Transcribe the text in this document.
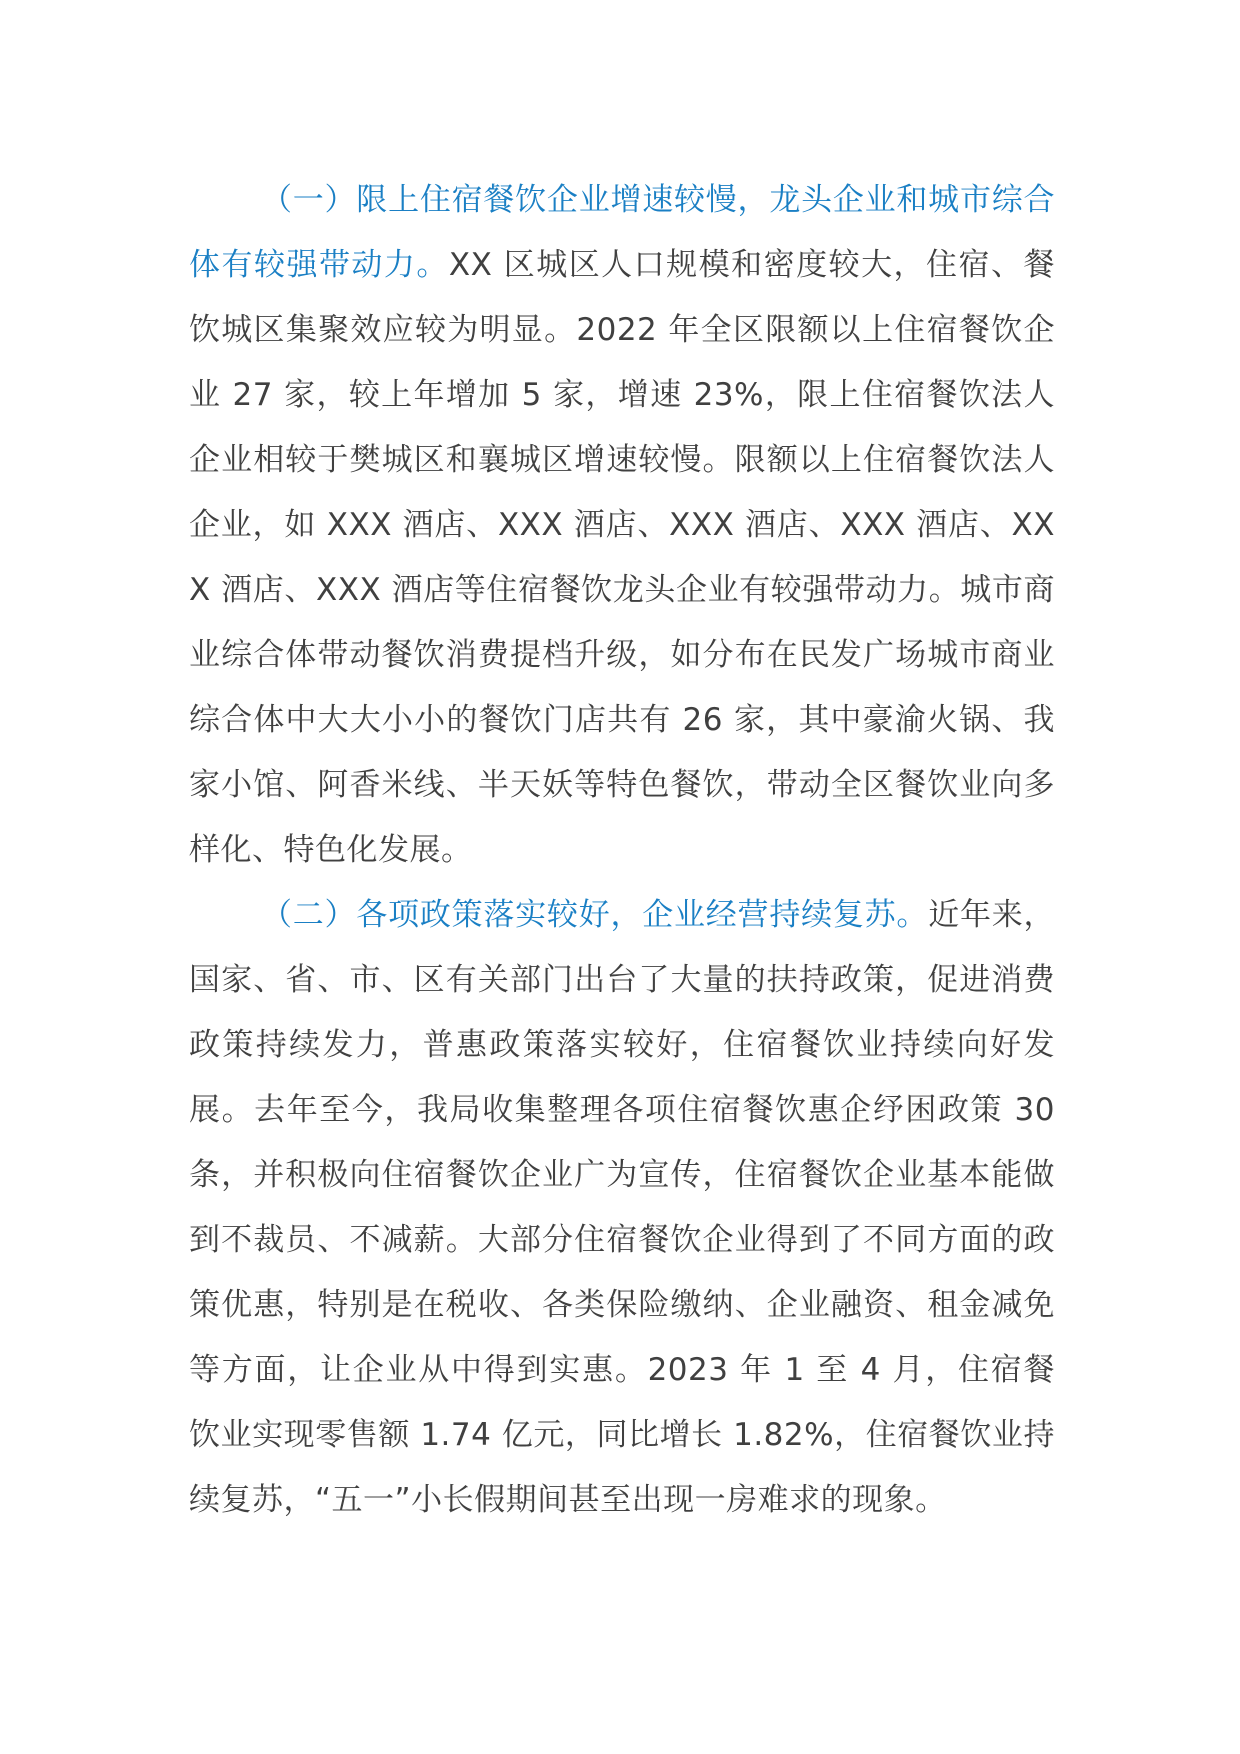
（一）限上住宿餐饮企业增速较慢，龙头企业和城市综合体有较强带动力。XX 区城区人口规模和密度较大，住宿、餐饮城区集聚效应较为明显。2022 年全区限额以上住宿餐饮企业 27 家，较上年增加 5 家，增速 23%，限上住宿餐饮法人企业相较于樊城区和襄城区增速较慢。限额以上住宿餐饮法人企业，如 XXX 酒店、XXX 酒店、XXX 酒店、XXX 酒店、XXX 酒店、XXX 酒店等住宿餐饮龙头企业有较强带动力。城市商业综合体带动餐饮消费提档升级，如分布在民发广场城市商业综合体中大大小小的餐饮门店共有 26 家，其中豪渝火锅、我家小馆、阿香米线、半天妖等特色餐饮，带动全区餐饮业向多样化、特色化发展。

（二）各项政策落实较好，企业经营持续复苏。近年来，国家、省、市、区有关部门出台了大量的扶持政策，促进消费政策持续发力，普惠政策落实较好，住宿餐饮业持续向好发展。去年至今，我局收集整理各项住宿餐饮惠企纾困政策 30 条，并积极向住宿餐饮企业广为宣传，住宿餐饮企业基本能做到不裁员、不减薪。大部分住宿餐饮企业得到了不同方面的政策优惠，特别是在税收、各类保险缴纳、企业融资、租金减免等方面，让企业从中得到实惠。2023 年 1 至 4 月，住宿餐饮业实现零售额 1.74 亿元，同比增长 1.82%，住宿餐饮业持续复苏，“五一”小长假期间甚至出现一房难求的现象。
